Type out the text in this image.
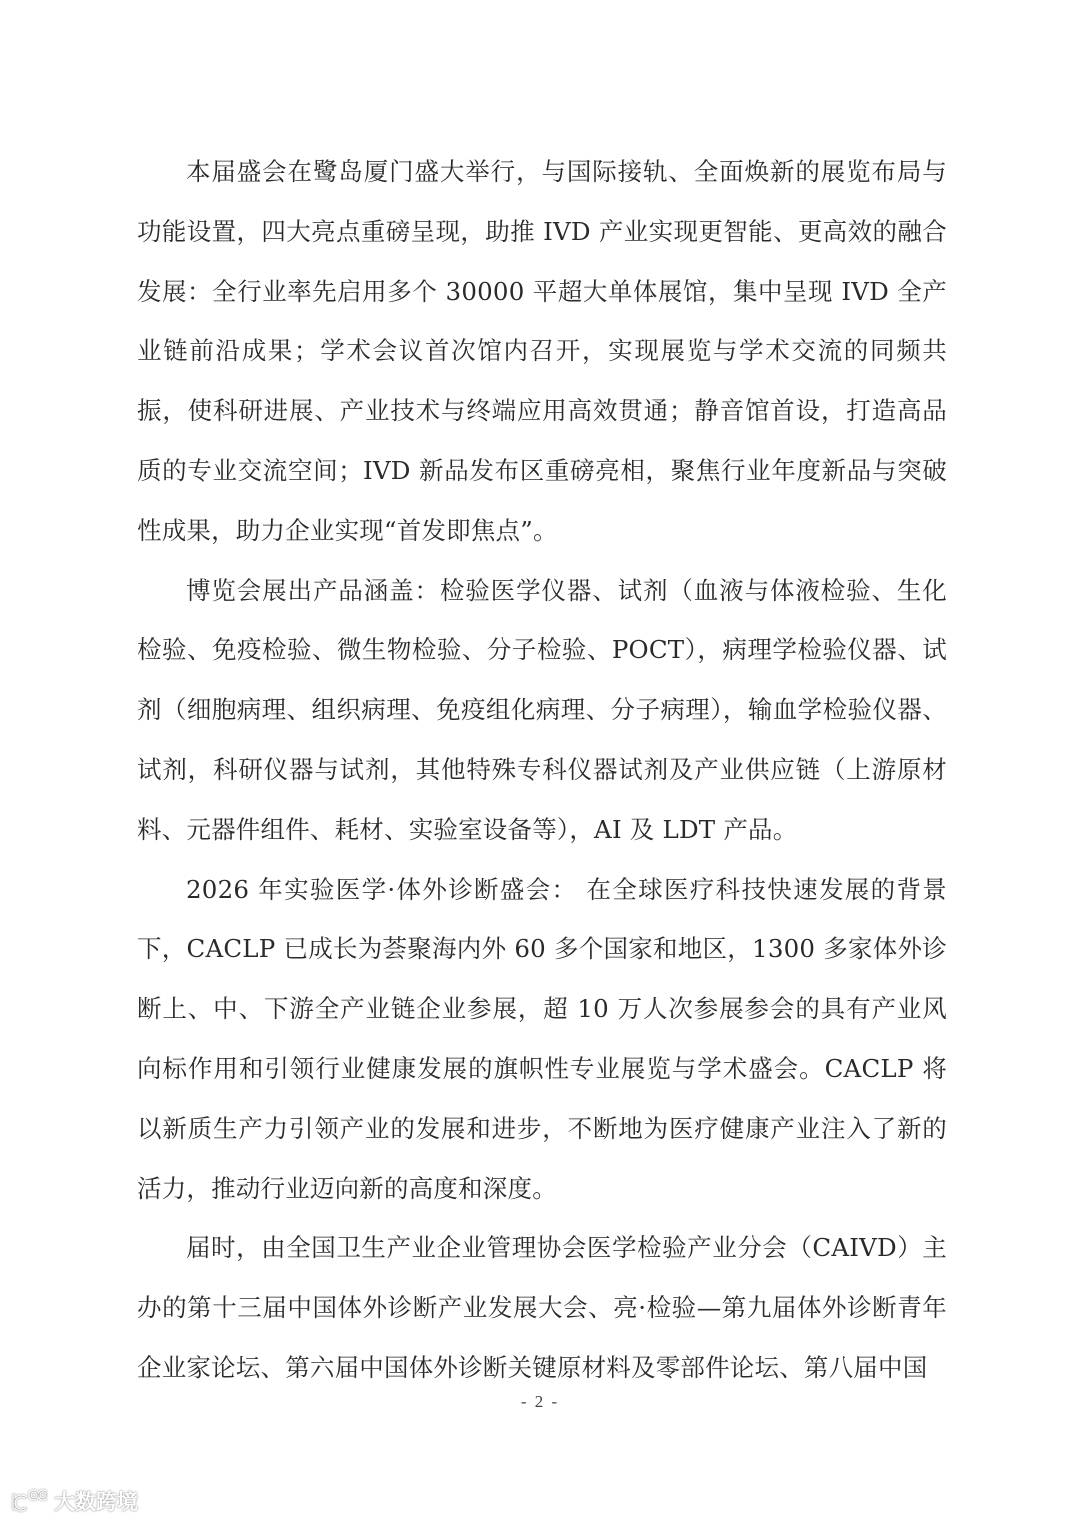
本届盛会在鹭岛厦门盛大举行，与国际接轨、全面焕新的展览布局与功能设置，四大亮点重磅呈现，助推 IVD 产业实现更智能、更高效的融合发展：全行业率先启用多个 30000 平超大单体展馆，集中呈现 IVD 全产业链前沿成果；学术会议首次馆内召开，实现展览与学术交流的同频共振，使科研进展、产业技术与终端应用高效贯通；静音馆首设，打造高品质的专业交流空间；IVD 新品发布区重磅亮相，聚焦行业年度新品与突破性成果，助力企业实现“首发即焦点”。

博览会展出产品涵盖：检验医学仪器、试剂（血液与体液检验、生化检验、免疫检验、微生物检验、分子检验、POCT），病理学检验仪器、试剂（细胞病理、组织病理、免疫组化病理、分子病理），输血学检验仪器、试剂，科研仪器与试剂，其他特殊专科仪器试剂及产业供应链（上游原材料、元器件组件、耗材、实验室设备等），AI 及 LDT 产品。

2026 年实验医学·体外诊断盛会： 在全球医疗科技快速发展的背景下，CACLP 已成长为荟聚海内外 60 多个国家和地区，1300 多家体外诊断上、中、下游全产业链企业参展，超 10 万人次参展参会的具有产业风向标作用和引领行业健康发展的旗帜性专业展览与学术盛会。CACLP 将以新质生产力引领产业的发展和进步，不断地为医疗健康产业注入了新的活力，推动行业迈向新的高度和深度。

届时，由全国卫生产业企业管理协会医学检验产业分会（CAIVD）主办的第十三届中国体外诊断产业发展大会、亮·检验—第九届体外诊断青年企业家论坛、第六届中国体外诊断关键原材料及零部件论坛、第八届中国

- 2 -
大数跨境
